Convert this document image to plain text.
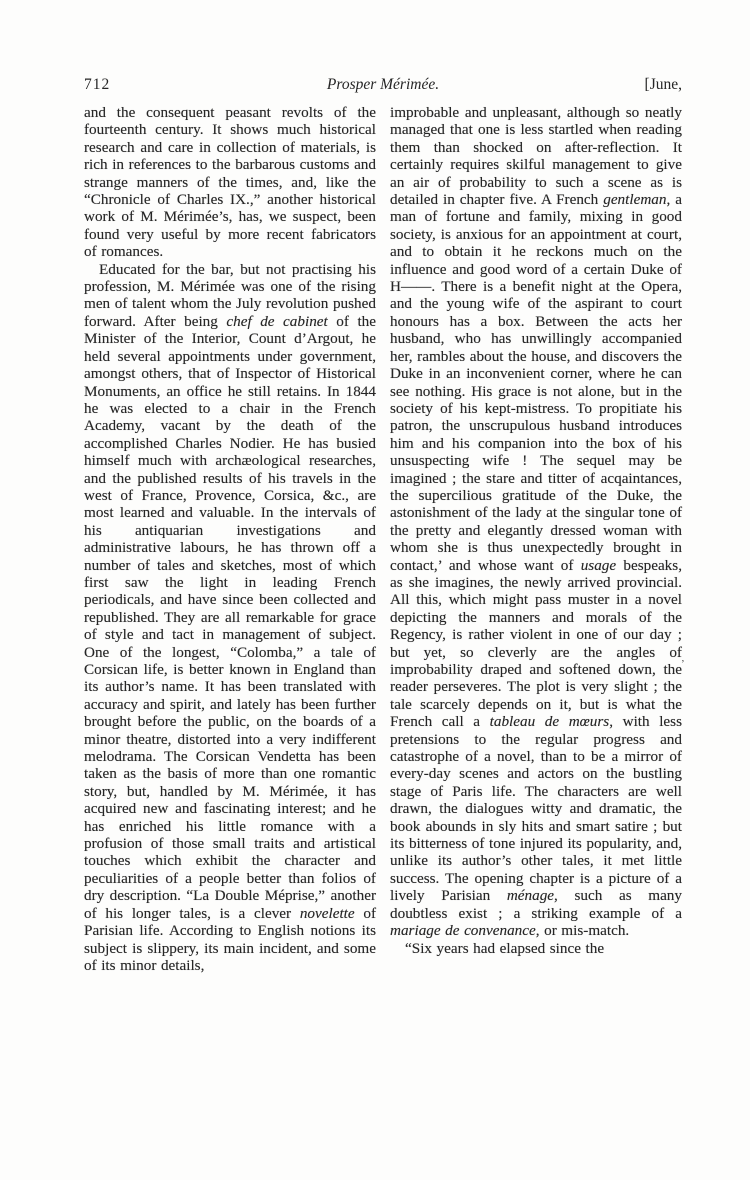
712	Prosper Mérimée.	[June,

and the consequent peasant revolts of the fourteenth century. It shows much historical research and care in collection of materials, is rich in references to the barbarous customs and strange manners of the times, and, like the “Chronicle of Charles IX.,” another historical work of M. Mérimée’s, has, we suspect, been found very useful by more recent fabricators of romances.

Educated for the bar, but not practising his profession, M. Mérimée was one of the rising men of talent whom the July revolution pushed forward. After being chef de cabinet of the Minister of the Interior, Count d’Argout, he held several appointments under government, amongst others, that of Inspector of Historical Monuments, an office he still retains. In 1844 he was elected to a chair in the French Academy, vacant by the death of the accomplished Charles Nodier. He has busied himself much with archæological researches, and the published results of his travels in the west of France, Provence, Corsica, &c., are most learned and valuable. In the intervals of his antiquarian investigations and administrative labours, he has thrown off a number of tales and sketches, most of which first saw the light in leading French periodicals, and have since been collected and republished. They are all remarkable for grace of style and tact in management of subject. One of the longest, “Colomba,” a tale of Corsican life, is better known in England than its author’s name. It has been translated with accuracy and spirit, and lately has been further brought before the public, on the boards of a minor theatre, distorted into a very indifferent melodrama. The Corsican Vendetta has been taken as the basis of more than one romantic story, but, handled by M. Mérimée, it has acquired new and fascinating interest; and he has enriched his little romance with a profusion of those small traits and artistical touches which exhibit the character and peculiarities of a people better than folios of dry description. “La Double Méprise,” another of his longer tales, is a clever novelette of Parisian life. According to English notions its subject is slippery, its main incident, and some of its minor details,

improbable and unpleasant, although so neatly managed that one is less startled when reading them than shocked on after-reflection. It certainly requires skilful management to give an air of probability to such a scene as is detailed in chapter five. A French gentleman, a man of fortune and family, mixing in good society, is anxious for an appointment at court, and to obtain it he reckons much on the influence and good word of a certain Duke of H——. There is a benefit night at the Opera, and the young wife of the aspirant to court honours has a box. Between the acts her husband, who has unwillingly accompanied her, rambles about the house, and discovers the Duke in an inconvenient corner, where he can see nothing. His grace is not alone, but in the society of his kept-mistress. To propitiate his patron, the unscrupulous husband introduces him and his companion into the box of his unsuspecting wife ! The sequel may be imagined ; the stare and titter of acqaintances, the supercilious gratitude of the Duke, the astonishment of the lady at the singular tone of the pretty and elegantly dressed woman with whom she is thus unexpectedly brought in contact,’ and whose want of usage bespeaks, as she imagines, the newly arrived provincial. All this, which might pass muster in a novel depicting the manners and morals of the Regency, is rather violent in one of our day ; but yet, so cleverly are the angles of improbability draped and softened down, the reader perseveres. The plot is very slight ; the tale scarcely depends on it, but is what the French call a tableau de mœurs, with less pretensions to the regular progress and catastrophe of a novel, than to be a mirror of every-day scenes and actors on the bustling stage of Paris life. The characters are well drawn, the dialogues witty and dramatic, the book abounds in sly hits and smart satire ; but its bitterness of tone injured its popularity, and, unlike its author’s other tales, it met little success. The opening chapter is a picture of a lively Parisian ménage, such as many doubtless exist ; a striking example of a mariage de convenance, or mis-match.

“Six years had elapsed since the

’
